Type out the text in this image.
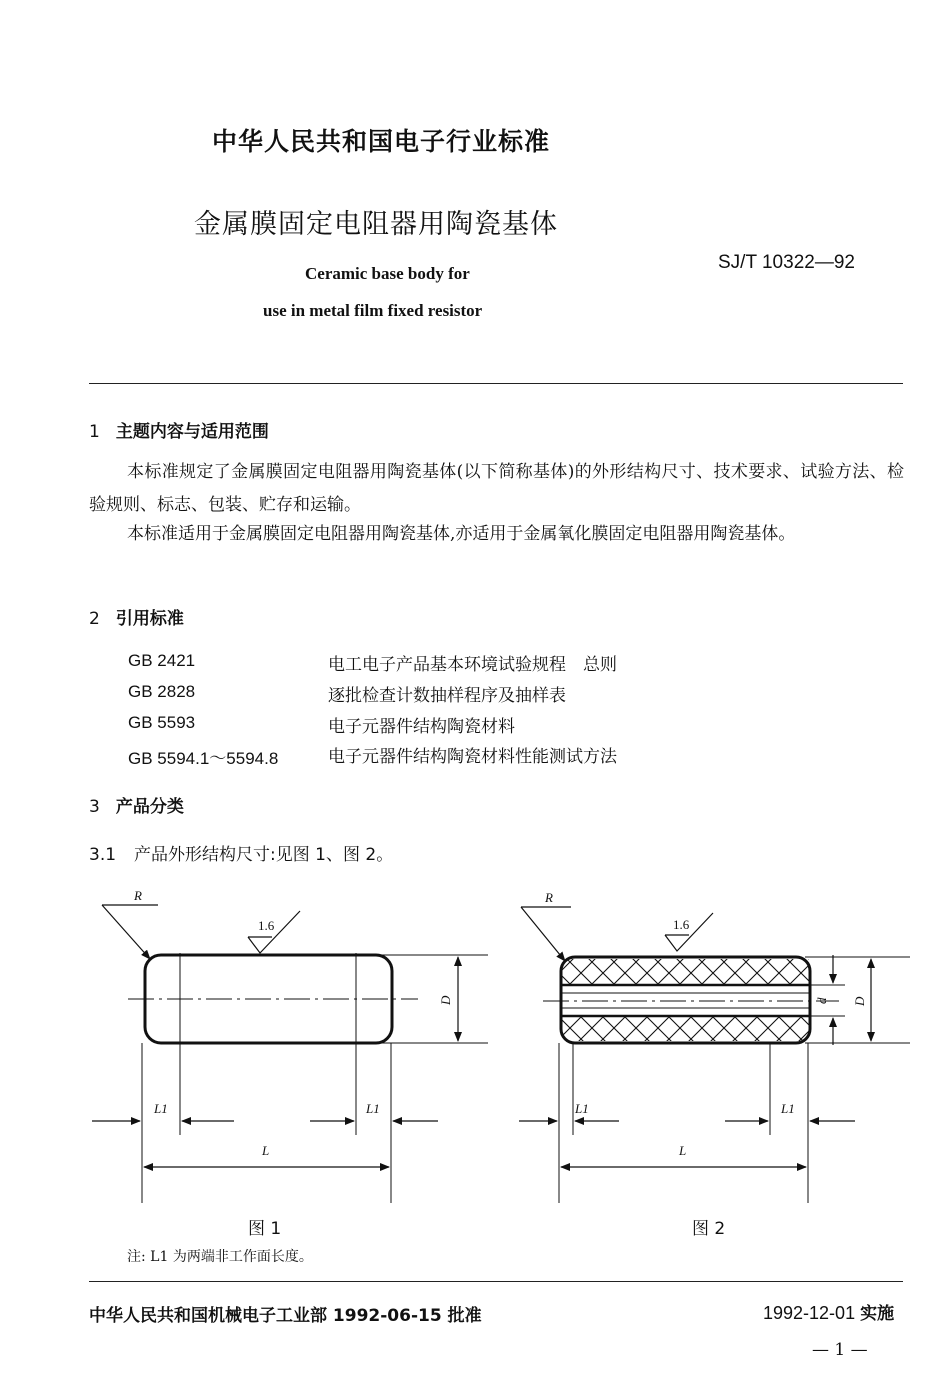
中华人民共和国电子行业标准
金属膜固定电阻器用陶瓷基体
SJ/T 10322—92
Ceramic base body for
use in metal film fixed resistor
1 主题内容与适用范围
本标准规定了金属膜固定电阻器用陶瓷基体(以下简称基体)的外形结构尺寸、技术要求、试验方法、检验规则、标志、包装、贮存和运输。
本标准适用于金属膜固定电阻器用陶瓷基体,亦适用于金属氧化膜固定电阻器用陶瓷基体。
2 引用标准
GB 2421	电工电子产品基本环境试验规程　总则
GB 2828	逐批检查计数抽样程序及抽样表
GB 5593	电子元器件结构陶瓷材料
GB 5594.1～5594.8	电子元器件结构陶瓷材料性能测试方法
3 产品分类
3.1 产品外形结构尺寸:见图 1、图 2。
R
1.6
D
L1	L1
L
R
1.6
D
d
L1	L1
L
图 1	图 2
注: L1 为两端非工作面长度。
中华人民共和国机械电子工业部 1992-06-15 批准	1992-12-01 实施
— 1 —
